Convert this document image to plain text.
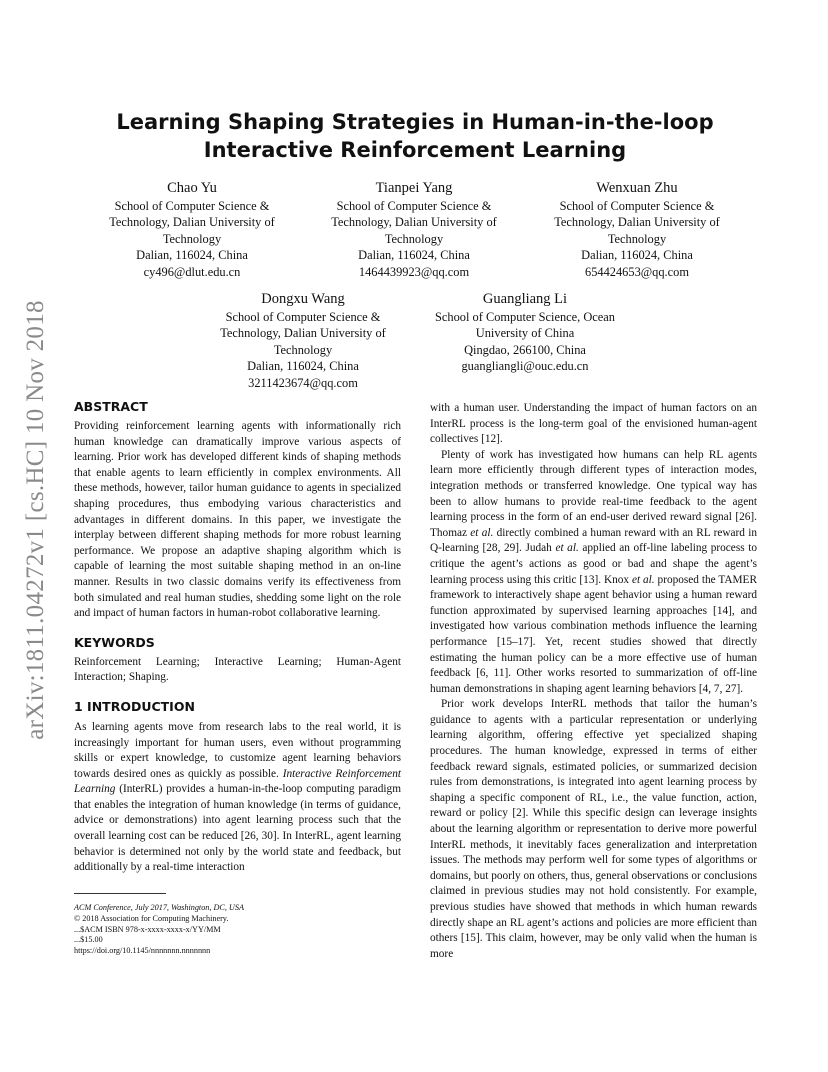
arXiv:1811.04272v1 [cs.HC] 10 Nov 2018
Learning Shaping Strategies in Human-in-the-loop Interactive Reinforcement Learning
Chao Yu
School of Computer Science &
Technology, Dalian University of
Technology
Dalian, 116024, China
cy496@dlut.edu.cn
Tianpei Yang
School of Computer Science &
Technology, Dalian University of
Technology
Dalian, 116024, China
1464439923@qq.com
Wenxuan Zhu
School of Computer Science &
Technology, Dalian University of
Technology
Dalian, 116024, China
654424653@qq.com
Dongxu Wang
School of Computer Science &
Technology, Dalian University of
Technology
Dalian, 116024, China
3211423674@qq.com
Guangliang Li
School of Computer Science, Ocean
University of China
Qingdao, 266100, China
guangliangli@ouc.edu.cn
ABSTRACT

Providing reinforcement learning agents with informationally rich human knowledge can dramatically improve various aspects of learning. Prior work has developed different kinds of shaping methods that enable agents to learn efficiently in complex environments. All these methods, however, tailor human guidance to agents in specialized shaping procedures, thus embodying various characteristics and advantages in different domains. In this paper, we investigate the interplay between different shaping methods for more robust learning performance. We propose an adaptive shaping algorithm which is capable of learning the most suitable shaping method in an on-line manner. Results in two classic domains verify its effectiveness from both simulated and real human studies, shedding some light on the role and impact of human factors in human-robot collaborative learning.

KEYWORDS

Reinforcement Learning; Interactive Learning; Human-Agent Interaction; Shaping.

1 INTRODUCTION

As learning agents move from research labs to the real world, it is increasingly important for human users, even without programming skills or expert knowledge, to customize agent learning behaviors towards desired ones as quickly as possible. Interactive Reinforcement Learning (InterRL) provides a human-in-the-loop computing paradigm that enables the integration of human knowledge (in terms of guidance, advice or demonstrations) into agent learning process such that the overall learning cost can be reduced [26, 30]. In InterRL, agent learning behavior is determined not only by the world state and feedback, but additionally by a real-time interaction

with a human user. Understanding the impact of human factors on an InterRL process is the long-term goal of the envisioned human-agent collectives [12].

Plenty of work has investigated how humans can help RL agents learn more efficiently through different types of interaction modes, integration methods or transferred knowledge. One typical way has been to allow humans to provide real-time feedback to the agent learning process in the form of an end-user derived reward signal [26]. Thomaz et al. directly combined a human reward with an RL reward in Q-learning [28, 29]. Judah et al. applied an off-line labeling process to critique the agent’s actions as good or bad and shape the agent’s learning process using this critic [13]. Knox et al. proposed the TAMER framework to interactively shape agent behavior using a human reward function approximated by supervised learning approaches [14], and investigated how various combination methods influence the learning performance [15–17]. Yet, recent studies showed that directly estimating the human policy can be a more effective use of human feedback [6, 11]. Other works resorted to summarization of off-line human demonstrations in shaping agent learning behaviors [4, 7, 27].

Prior work develops InterRL methods that tailor the human’s guidance to agents with a particular representation or underlying learning algorithm, offering effective yet specialized shaping procedures. The human knowledge, expressed in terms of either feedback reward signals, estimated policies, or summarized decision rules from demonstrations, is integrated into agent learning process by shaping a specific component of RL, i.e., the value function, action, reward or policy [2]. While this specific design can leverage insights about the learning algorithm or representation to derive more powerful InterRL methods, it inevitably faces generalization and interpretation issues. The methods may perform well for some types of algorithms or domains, but poorly on others, thus, general observations or conclusions claimed in previous studies may not hold consistently. For example, previous studies have showed that methods in which human rewards directly shape an RL agent’s actions and policies are more efficient than others [15]. This claim, however, may be only valid when the human is more

ACM Conference, July 2017, Washington, DC, USA
© 2018 Association for Computing Machinery.
...$ACM ISBN 978-x-xxxx-xxxx-x/YY/MM
...$15.00
https://doi.org/10.1145/nnnnnnn.nnnnnnn
